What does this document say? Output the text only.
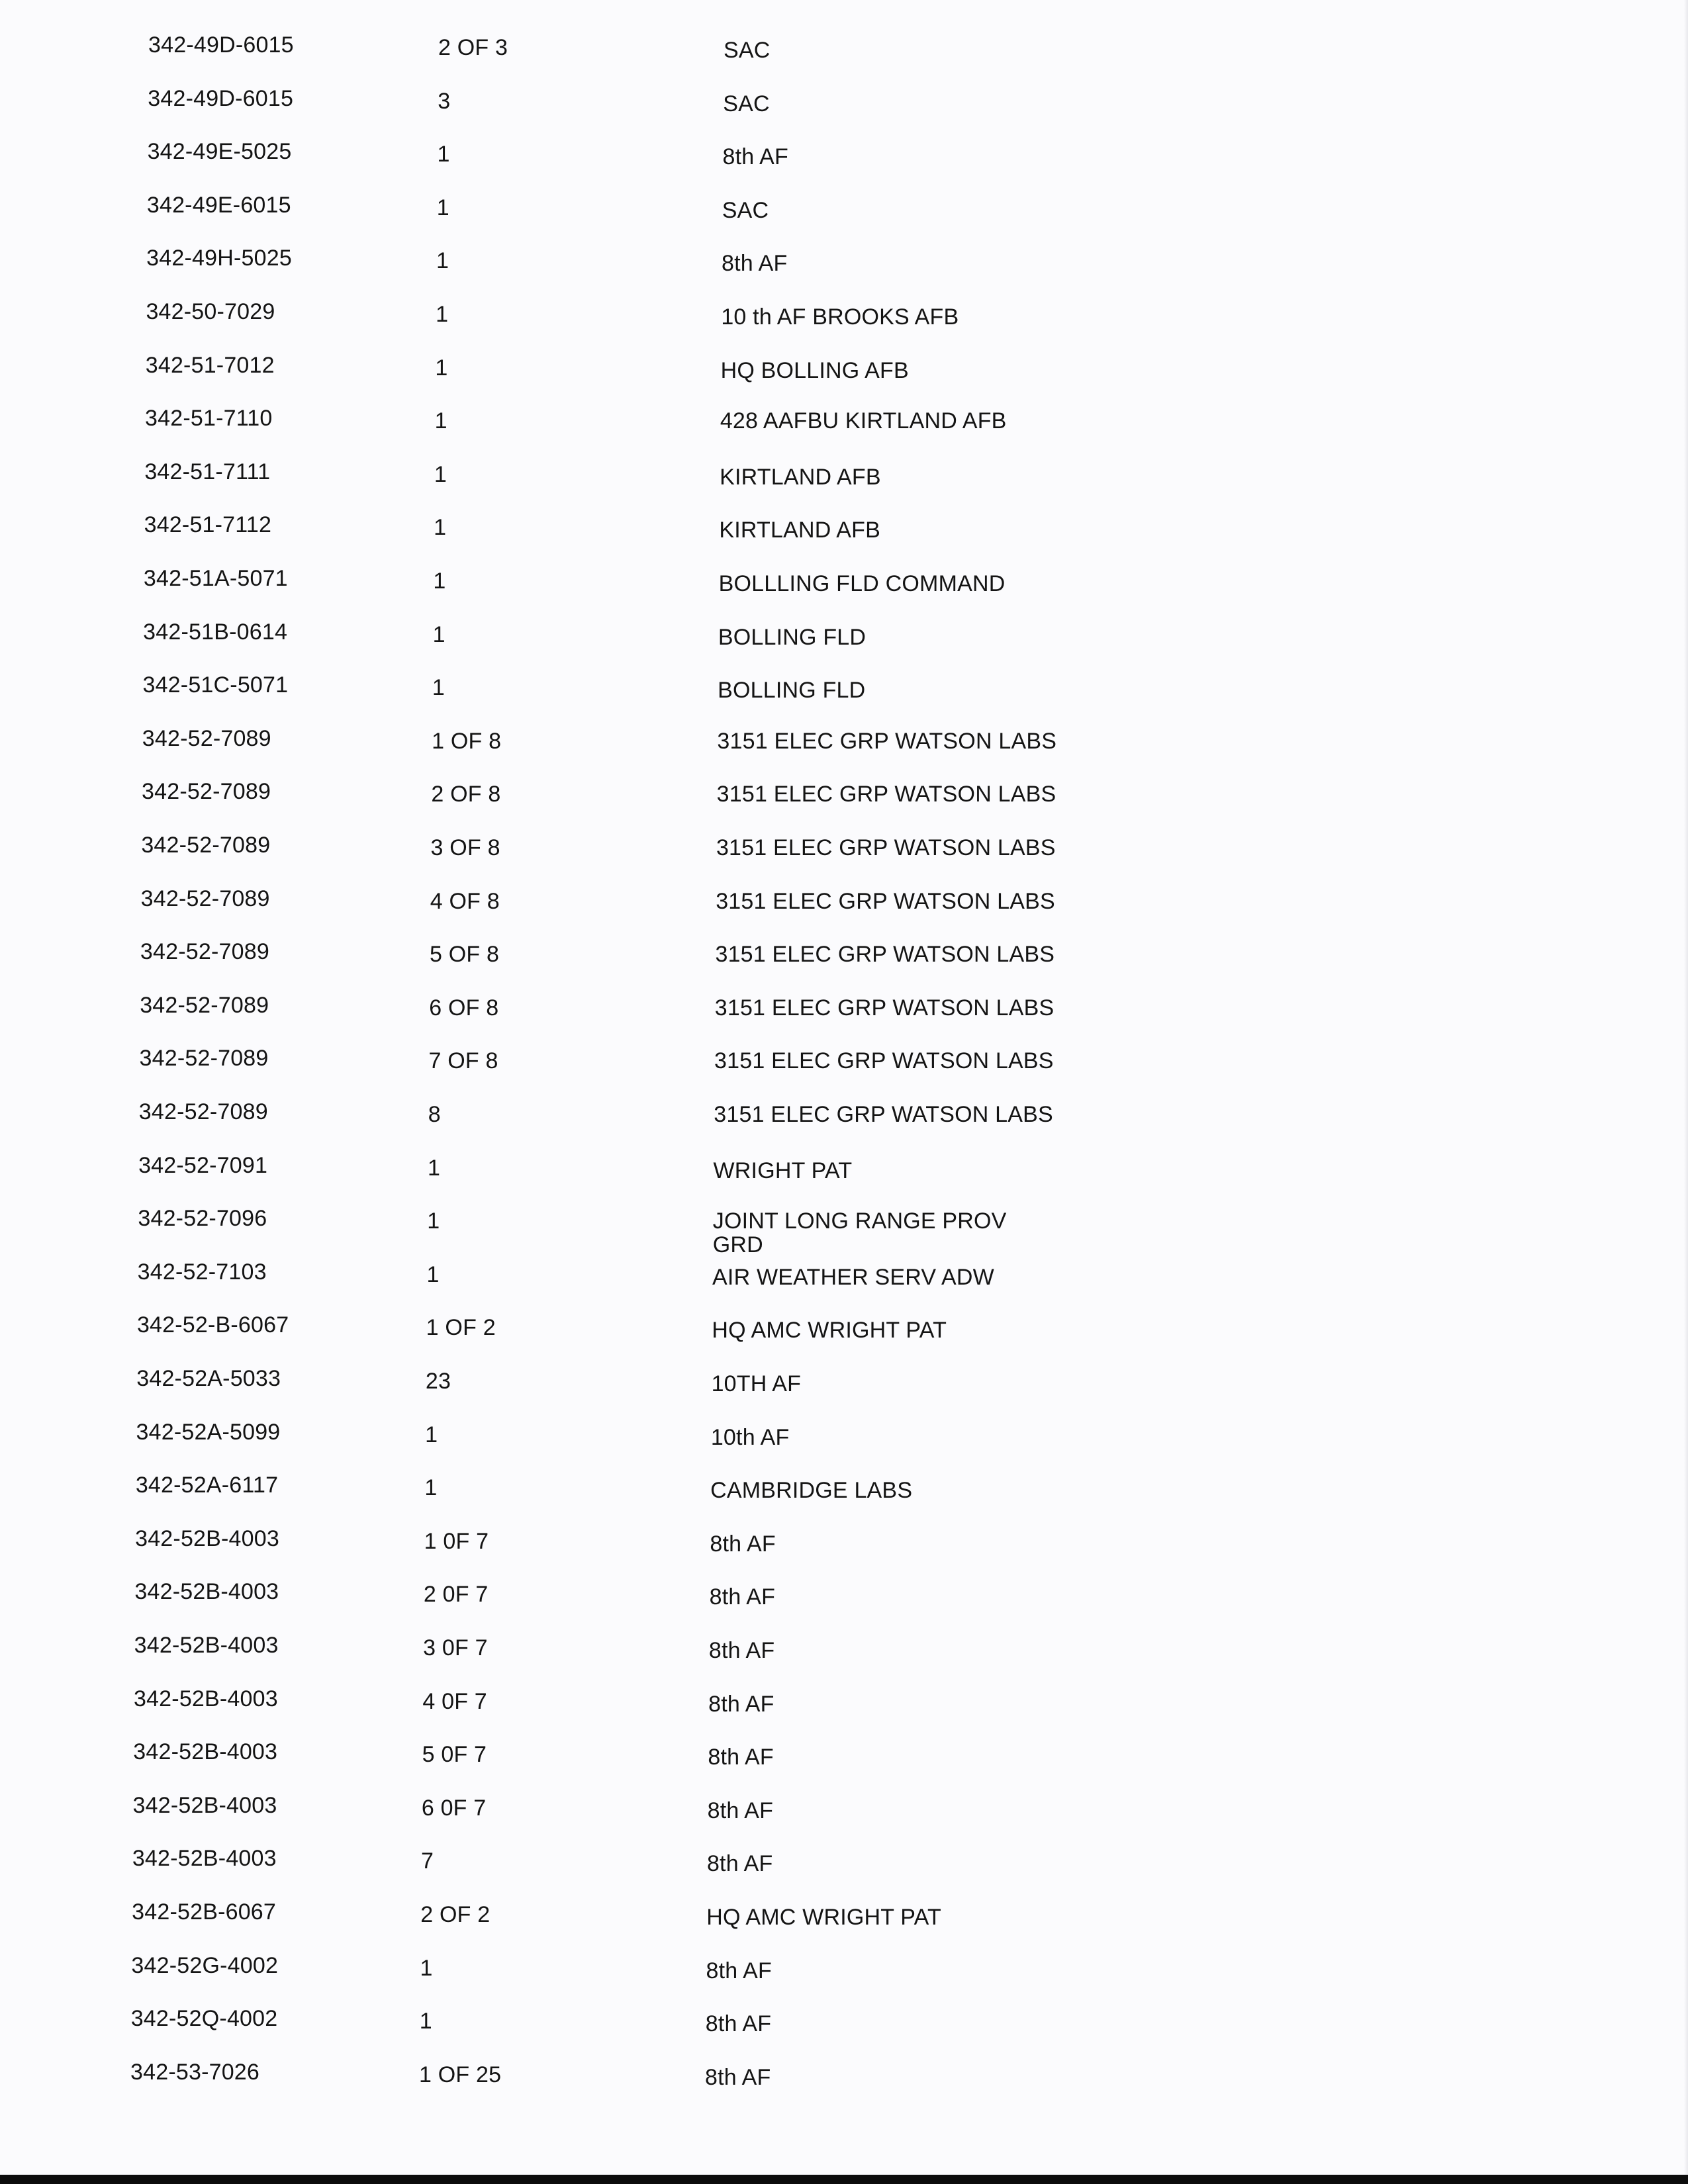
342-49D-6015	2 OF 3	SAC
342-49D-6015	3	SAC
342-49E-5025	1	8th AF
342-49E-6015	1	SAC
342-49H-5025	1	8th AF
342-50-7029	1	10 th AF BROOKS AFB
342-51-7012	1	HQ BOLLING AFB
342-51-7110	1	428 AAFBU KIRTLAND AFB
342-51-7111	1	KIRTLAND AFB
342-51-7112	1	KIRTLAND AFB
342-51A-5071	1	BOLLLING FLD COMMAND
342-51B-0614	1	BOLLING FLD
342-51C-5071	1	BOLLING FLD
342-52-7089	1 OF 8	3151 ELEC GRP WATSON LABS
342-52-7089	2 OF 8	3151 ELEC GRP WATSON LABS
342-52-7089	3 OF 8	3151 ELEC GRP WATSON LABS
342-52-7089	4 OF 8	3151 ELEC GRP WATSON LABS
342-52-7089	5 OF 8	3151 ELEC GRP WATSON LABS
342-52-7089	6 OF 8	3151 ELEC GRP WATSON LABS
342-52-7089	7 OF 8	3151 ELEC GRP WATSON LABS
342-52-7089	8	3151 ELEC GRP WATSON LABS
342-52-7091	1	WRIGHT PAT
342-52-7096	1	JOINT LONG RANGE PROV GRD
342-52-7103	1	AIR WEATHER SERV ADW
342-52-B-6067	1 OF 2	HQ AMC WRIGHT PAT
342-52A-5033	23	10TH AF
342-52A-5099	1	10th AF
342-52A-6117	1	CAMBRIDGE LABS
342-52B-4003	1 0F 7	8th AF
342-52B-4003	2 0F 7	8th AF
342-52B-4003	3 0F 7	8th AF
342-52B-4003	4 0F 7	8th AF
342-52B-4003	5 0F 7	8th AF
342-52B-4003	6 0F 7	8th AF
342-52B-4003	7	8th AF
342-52B-6067	2 OF 2	HQ AMC WRIGHT PAT
342-52G-4002	1	8th AF
342-52Q-4002	1	8th AF
342-53-7026	1 OF 25	8th AF
